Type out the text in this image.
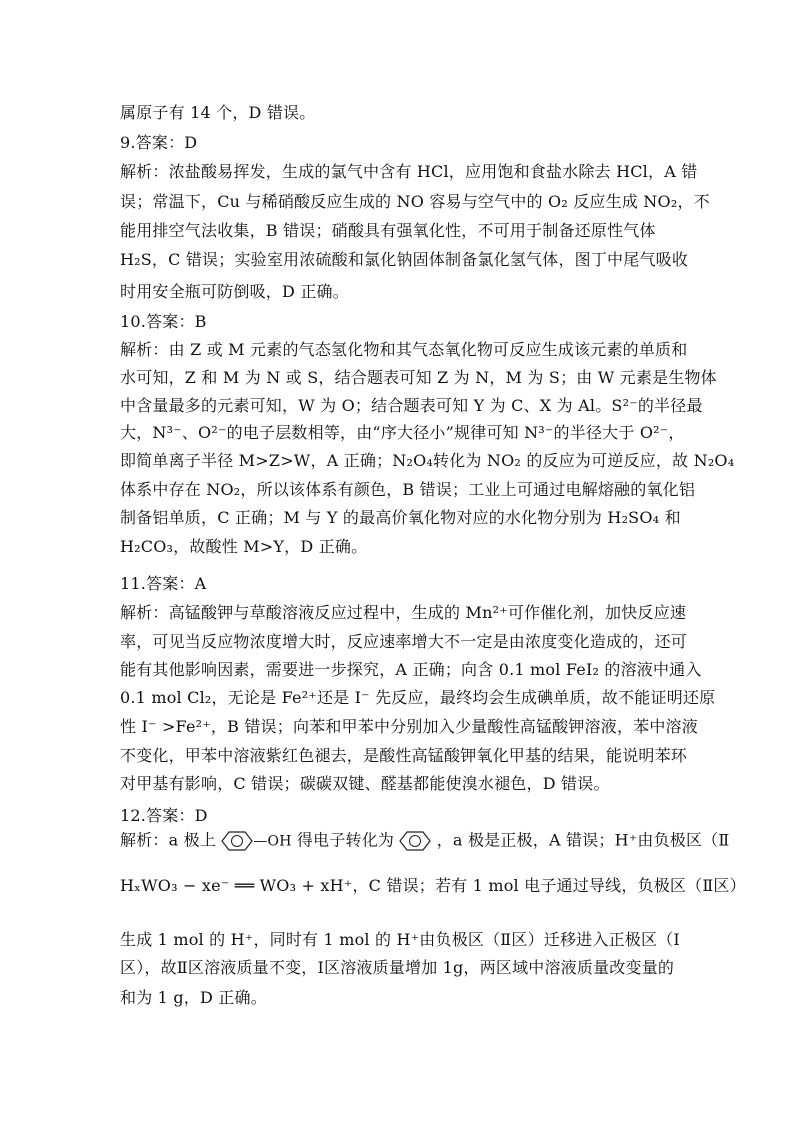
属原子有 14 个，D 错误。
9.答案：D
解析：浓盐酸易挥发，生成的氯气中含有 HCl，应用饱和食盐水除去 HCl，A 错
误；常温下，Cu 与稀硝酸反应生成的 NO 容易与空气中的 O₂ 反应生成 NO₂，不
能用排空气法收集，B 错误；硝酸具有强氧化性，不可用于制备还原性气体
H₂S，C 错误；实验室用浓硫酸和氯化钠固体制备氯化氢气体，图丁中尾气吸收
时用安全瓶可防倒吸，D 正确。
10.答案：B
解析：由 Z 或 M 元素的气态氢化物和其气态氧化物可反应生成该元素的单质和
水可知，Z 和 M 为 N 或 S，结合题表可知 Z 为 N，M 为 S；由 W 元素是生物体
中含量最多的元素可知，W 为 O；结合题表可知 Y 为 C、X 为 Al。S²⁻的半径最
大，N³⁻、O²⁻的电子层数相等，由“序大径小”规律可知 N³⁻的半径大于 O²⁻，
即简单离子半径 M>Z>W，A 正确；N₂O₄转化为 NO₂ 的反应为可逆反应，故 N₂O₄
体系中存在 NO₂，所以该体系有颜色，B 错误；工业上可通过电解熔融的氧化铝
制备铝单质，C 正确；M 与 Y 的最高价氧化物对应的水化物分别为 H₂SO₄ 和
H₂CO₃，故酸性 M>Y，D 正确。
11.答案：A
解析：高锰酸钾与草酸溶液反应过程中，生成的 Mn²⁺可作催化剂，加快反应速
率，可见当反应物浓度增大时，反应速率增大不一定是由浓度变化造成的，还可
能有其他影响因素，需要进一步探究，A 正确；向含 0.1 mol FeI₂ 的溶液中通入
0.1 mol Cl₂，无论是 Fe²⁺还是 I⁻ 先反应，最终均会生成碘单质，故不能证明还原
性 I⁻ >Fe²⁺，B 错误；向苯和甲苯中分别加入少量酸性高锰酸钾溶液，苯中溶液
不变化，甲苯中溶液紫红色褪去，是酸性高锰酸钾氧化甲基的结果，能说明苯环
对甲基有影响，C 错误；碳碳双键、醛基都能使溴水褪色，D 错误。
12.答案：D
解析：a 极上	—OH 得电子转化为	，a 极是正极，A 错误；H⁺由负极区（Ⅱ
HₓWO₃ − xe⁻ ══ WO₃ + xH⁺，C 错误；若有 1 mol 电子通过导线，负极区（Ⅱ区）
生成 1 mol 的 H⁺，同时有 1 mol 的 H⁺由负极区（Ⅱ区）迁移进入正极区（Ⅰ
区），故Ⅱ区溶液质量不变，Ⅰ区溶液质量增加 1g，两区域中溶液质量改变量的
和为 1 g，D 正确。
